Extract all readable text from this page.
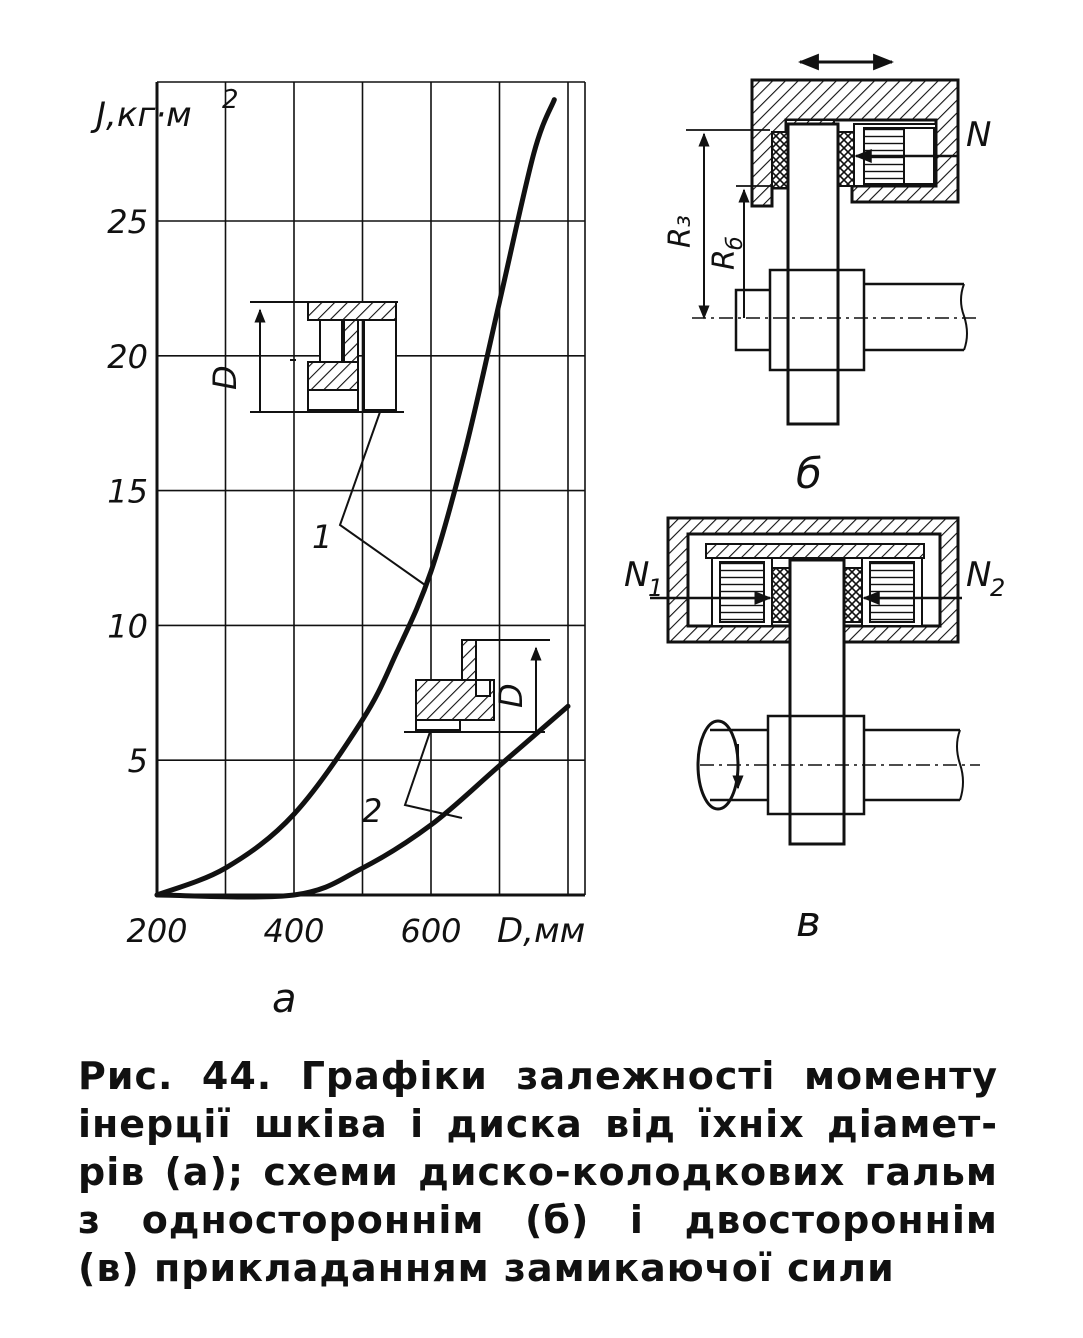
5
10
15
20
25
200 400 600
J,кг·м 2
D,мм
a
D
D
1
2
N
R₃
R
б
б
N
1	N
2
в
Рис. 44. Графіки залежності моменту
інерції шківа і диска від їхніх діамет-
рів (а); схеми диско-колодкових гальм
з одностороннім (б) і двостороннім
(в) прикладанням замикаючої сили
